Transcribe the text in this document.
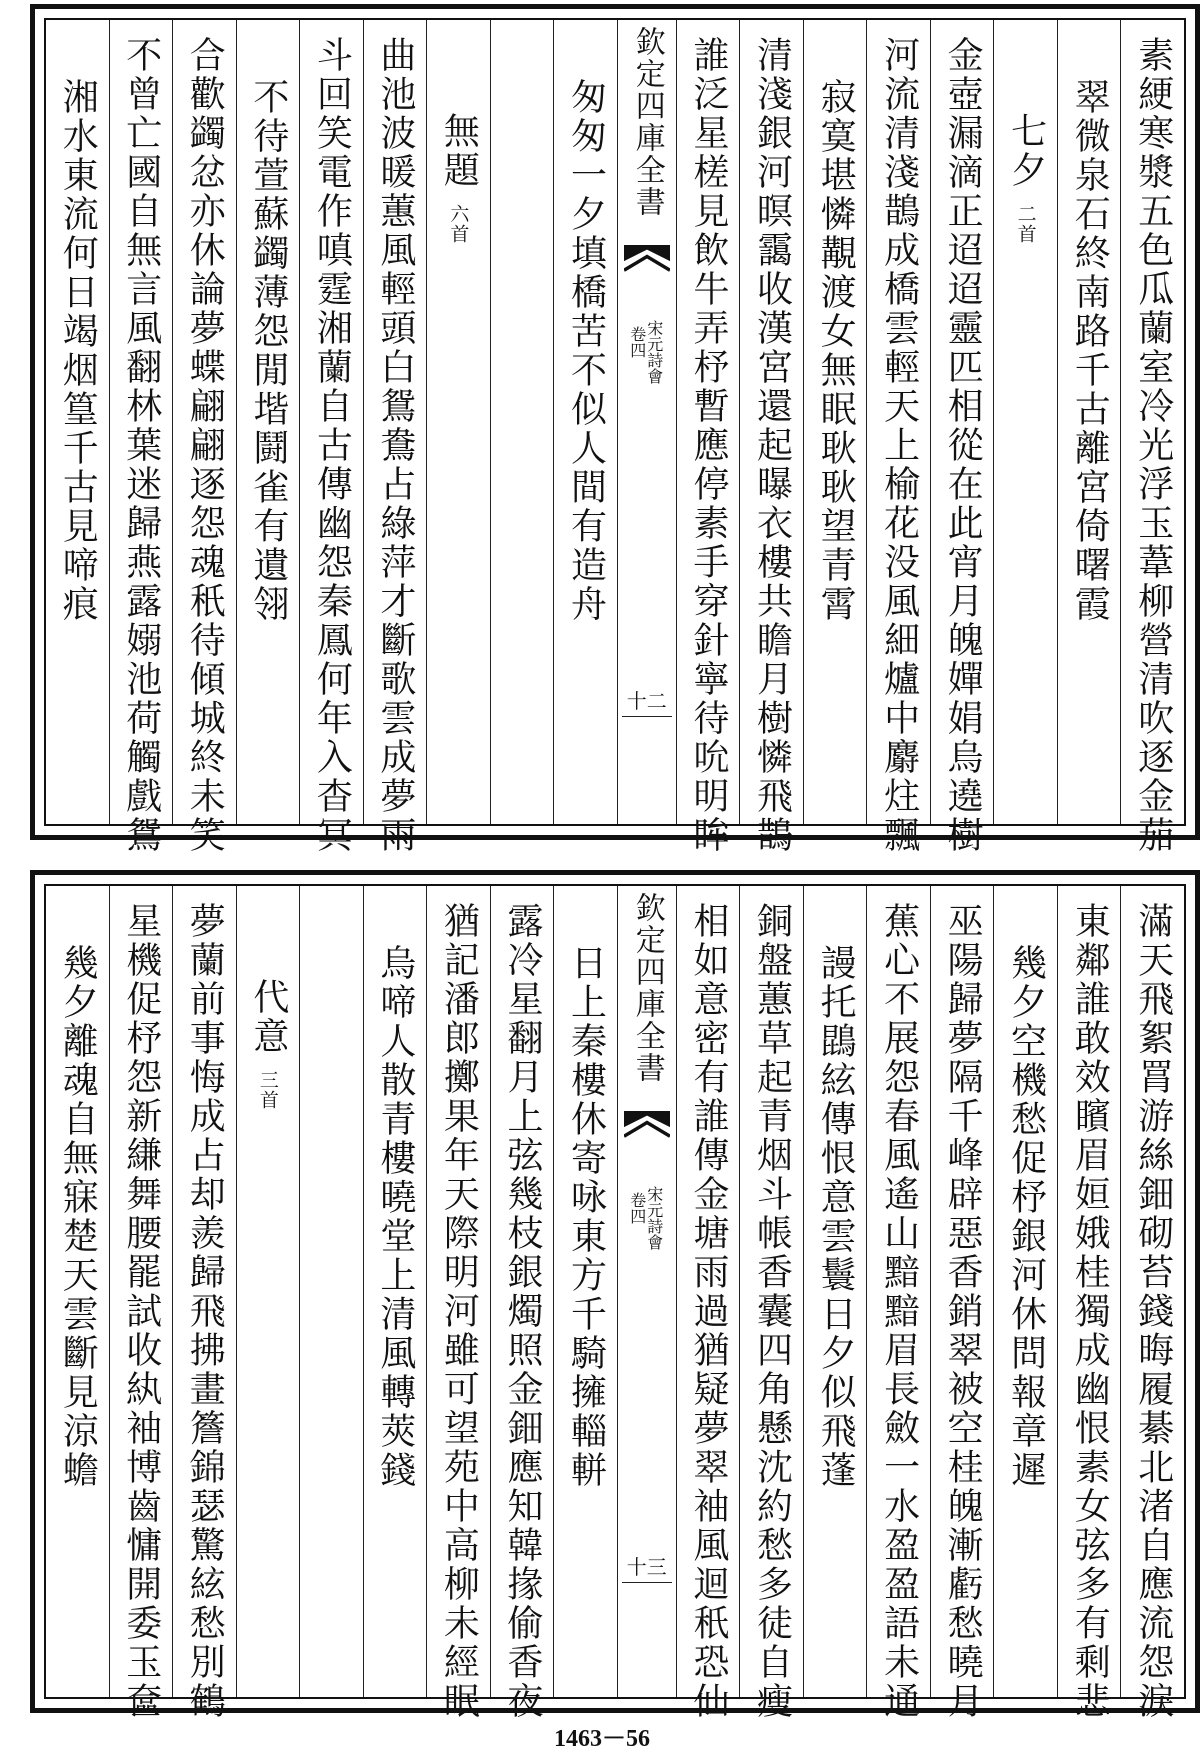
素綆寒漿五色瓜蘭室冷光浮玉葦柳營清吹逐金茄
翠微泉石終南路千古離宮倚曙霞
七夕二首
金壺漏滴正迢迢靈匹相從在此宵月魄嬋娟烏遶樹
河流清淺鵲成橋雲輕天上榆花没風細爐中麝炷飄
寂寞堪憐覯渡女無眠耿耿望青霄
清淺銀河暝靄收漢宮還起曝衣樓共瞻月樹憐飛鵲
誰泛星槎見飲牛弄杼暫應停素手穿針寧待吮明眸
欽定四庫全書
宋元詩會
卷四
十二
匆匆一夕填橋苦不似人間有造舟
無題六首
曲池波暖蕙風輕頭白鴛鴦占綠萍才斷歌雲成夢雨
斗回笑電作嗔霆湘蘭自古傳幽怨秦鳳何年入杳冥
不待萱蘇蠲薄怨閒堦鬪雀有遺翎
合歡蠲忿亦休論夢蝶翩翩逐怨魂秖待傾城終未笑
不曾亡國自無言風翻林葉迷歸燕露嫋池荷觸戲鴛
湘水東流何日竭烟篁千古見啼痕
滿天飛絮罥游絲鈿砌苔錢晦履綦北渚自應流怨淚
東鄰誰敢效矉眉姮娥桂獨成幽恨素女弦多有剩悲
幾夕空機愁促杼銀河休問報章遲
巫陽歸夢隔千峰辟惡香銷翠被空桂魄漸虧愁曉月
蕉心不展怨春風遙山黯黯眉長斂一水盈盈語未通
謾托鵾絃傳恨意雲鬟日夕似飛蓬
銅盤蕙草起青烟斗帳香囊四角懸沈約愁多徒自瘦
相如意密有誰傳金塘雨過猶疑夢翠袖風迴秖恐仙
欽定四庫全書
宋元詩會
卷四
十三
日上秦樓休寄咏東方千騎擁輜軿
露冷星翻月上弦幾枝銀燭照金鈿應知韓掾偷香夜
猶記潘郎擲果年天際明河雖可望苑中高柳未經眠
烏啼人散青樓曉堂上清風轉莢錢
代意三首
夢蘭前事悔成占却羨歸飛拂畫簷錦瑟驚絃愁別鶴
星機促杼怨新縑舞腰罷試收紈袖博齒慵開委玉奩
幾夕離魂自無寐楚天雲斷見涼蟾
1463－56
